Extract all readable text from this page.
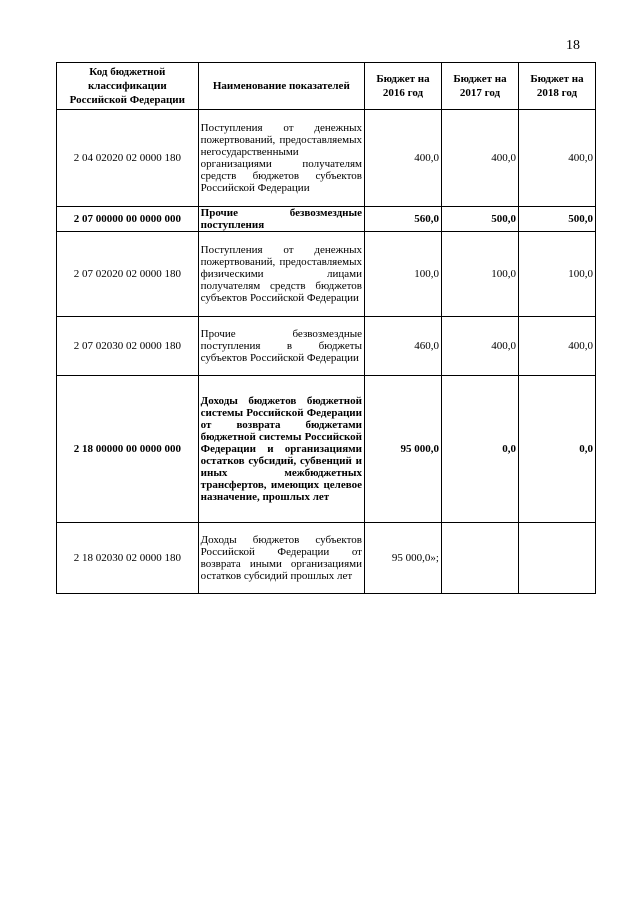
18
Код бюджетной классификации Российской Федерации	Наименование показателей	Бюджет на 2016 год	Бюджет на 2017 год	Бюджет на 2018 год
2 04 02020 02 0000 180	Поступления от денежных пожертвований, предоставляемых негосударственными организациями получателям средств бюджетов субъектов Российской Федерации	400,0	400,0	400,0
2 07 00000 00 0000 000	Прочие безвозмездные поступления	560,0	500,0	500,0
2 07 02020 02 0000 180	Поступления от денежных пожертвований, предоставляемых физическими лицами получателям средств бюджетов субъектов Российской Федерации	100,0	100,0	100,0
2 07 02030 02 0000 180	Прочие безвозмездные поступления в бюджеты субъектов Российской Федерации	460,0	400,0	400,0
2 18 00000 00 0000 000	Доходы бюджетов бюджетной системы Российской Федерации от возврата бюджетами бюджетной системы Российской Федерации и организациями остатков субсидий, субвенций и иных межбюджетных трансфертов, имеющих целевое назначение, прошлых лет	95 000,0	0,0	0,0
2 18 02030 02 0000 180	Доходы бюджетов субъектов Российской Федерации от возврата иными организациями остатков субсидий прошлых лет	95 000,0»;		
